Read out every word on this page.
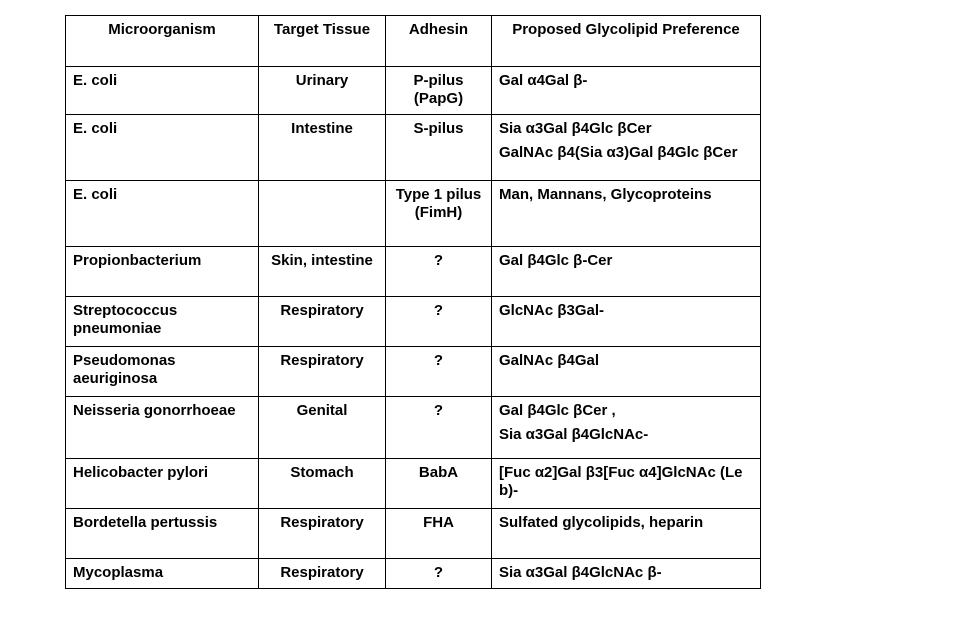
Microorganism	Target Tissue	Adhesin	Proposed Glycolipid Preference
E. coli	Urinary	P-pilus (PapG)	Gal α4Gal β-

E. coli	Intestine	S-pilus	Sia α3Gal β4Glc βCer
GalNAc β4(Sia α3)Gal β4Glc βCer

E. coli		Type 1 pilus (FimH)	Man, Mannans, Glycoproteins

Propionbacterium	Skin, intestine	?	Gal β4Glc β-Cer

Streptococcus pneumoniae	Respiratory	?	GlcNAc β3Gal-

Pseudomonas aeuriginosa	Respiratory	?	GalNAc β4Gal

Neisseria gonorrhoeae	Genital	?	Gal β4Glc βCer ,
Sia α3Gal β4GlcNAc-

Helicobacter pylori	Stomach	BabA	[Fuc α2]Gal β3[Fuc α4]GlcNAc (Le b)-

Bordetella pertussis	Respiratory	FHA	Sulfated glycolipids, heparin

Mycoplasma	Respiratory	?	Sia α3Gal β4GlcNAc β-
